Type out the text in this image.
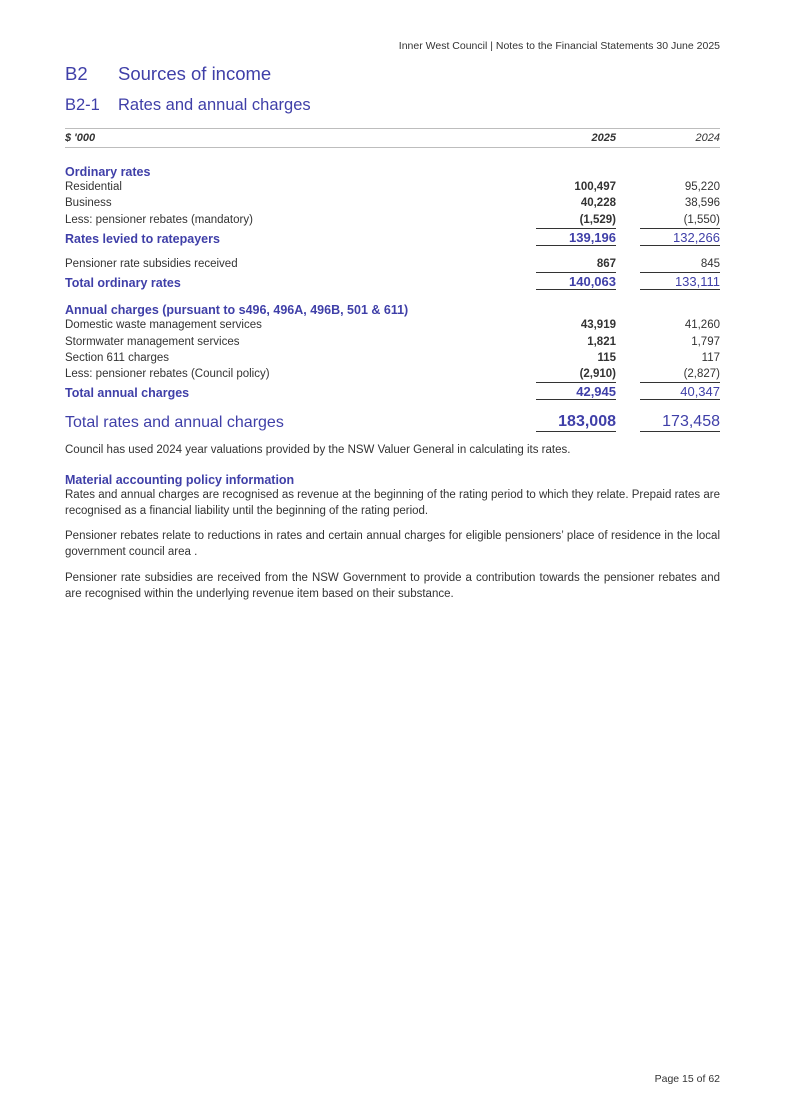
Inner West Council | Notes to the Financial Statements 30 June 2025
B2 Sources of income
B2-1 Rates and annual charges
$ '000	2025	2024
Ordinary rates
Residential	100,497	95,220
Business	40,228	38,596
Less: pensioner rebates (mandatory)	(1,529)	(1,550)
Rates levied to ratepayers	139,196	132,266
Pensioner rate subsidies received	867	845
Total ordinary rates	140,063	133,111
Annual charges (pursuant to s496, 496A, 496B, 501 & 611)
Domestic waste management services	43,919	41,260
Stormwater management services	1,821	1,797
Section 611 charges	115	117
Less: pensioner rebates (Council policy)	(2,910)	(2,827)
Total annual charges	42,945	40,347
Total rates and annual charges	183,008	173,458
Council has used 2024 year valuations provided by the NSW Valuer General in calculating its rates.
Material accounting policy information
Rates and annual charges are recognised as revenue at the beginning of the rating period to which they relate. Prepaid rates are recognised as a financial liability until the beginning of the rating period.
Pensioner rebates relate to reductions in rates and certain annual charges for eligible pensioners’ place of residence in the local government council area .
Pensioner rate subsidies are received from the NSW Government to provide a contribution towards the pensioner rebates and are recognised within the underlying revenue item based on their substance.
Page 15 of 62
